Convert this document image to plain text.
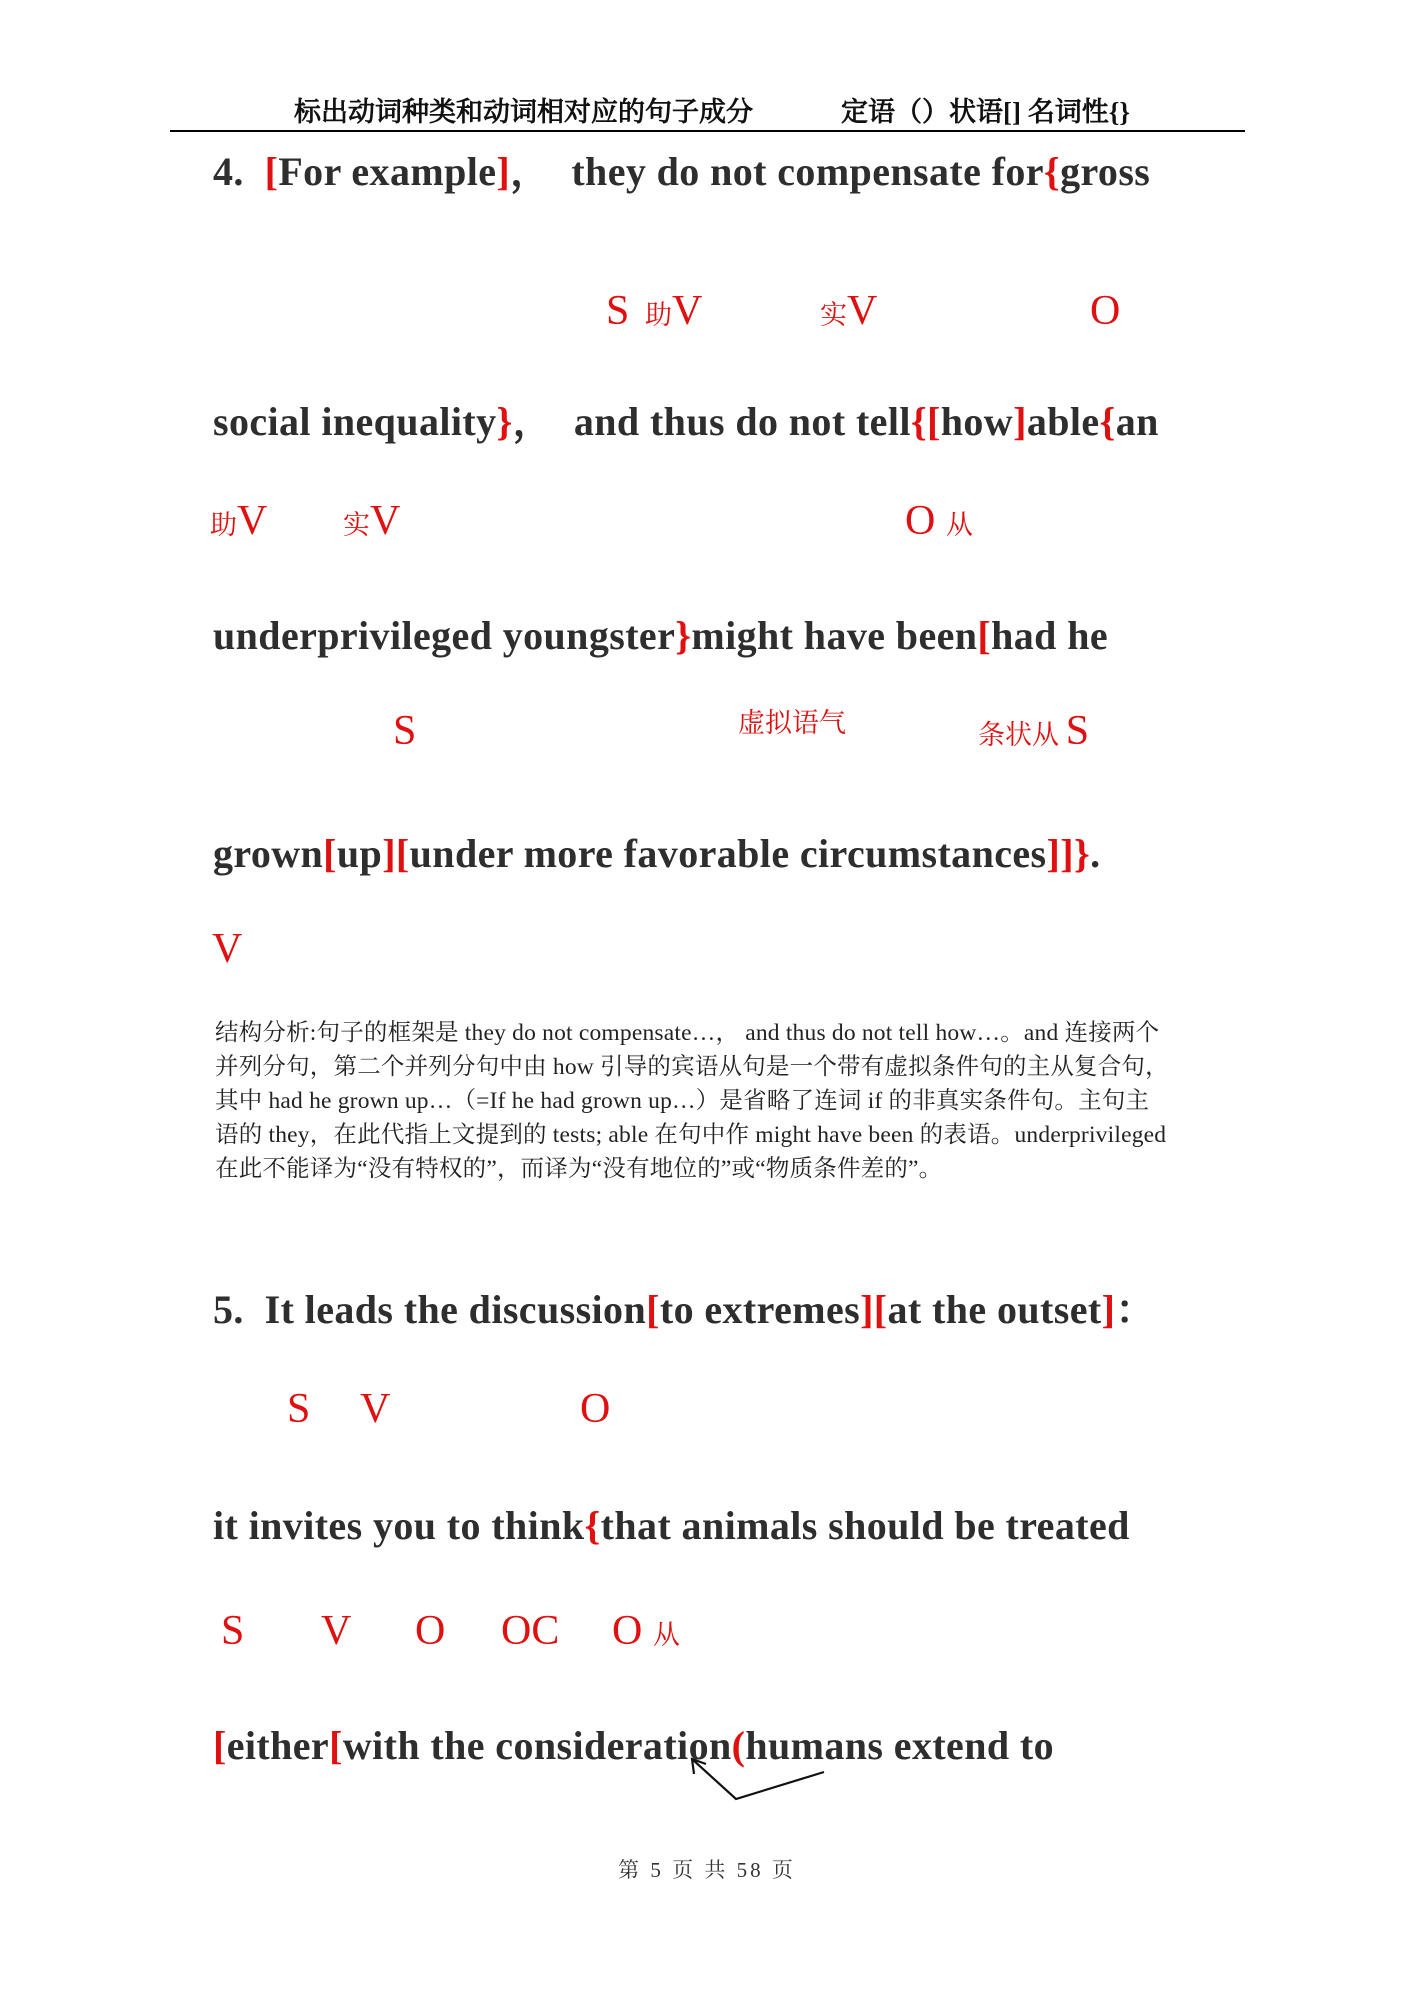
标出动词种类和动词相对应的句子成分	定语（）状语[] 名词性{}
4.  [For example]，  they do not compensate for{gross
S 助V	实V	O
social inequality}，  and thus do not tell{[how]able{an
助V	实V	O 从
underprivileged youngster}might have been[had he
S	虚拟语气	条状从 S
grown[up][under more favorable circumstances]]}.
V
结构分析:句子的框架是 they do not compensate…， and thus do not tell how…。and 连接两个
并列分句，第二个并列分句中由 how 引导的宾语从句是一个带有虚拟条件句的主从复合句，
其中 had he grown up…（=If he had grown up…）是省略了连词 if 的非真实条件句。主句主
语的 they，在此代指上文提到的 tests; able 在句中作 might have been 的表语。underprivileged
在此不能译为“没有特权的”，而译为“没有地位的”或“物质条件差的”。
5.  It leads the discussion[to extremes][at the outset]：
S V	O
it invites you to think{that animals should be treated
S V O OC O 从
[either[with the consideration(humans extend to
第 5 页 共 58 页
